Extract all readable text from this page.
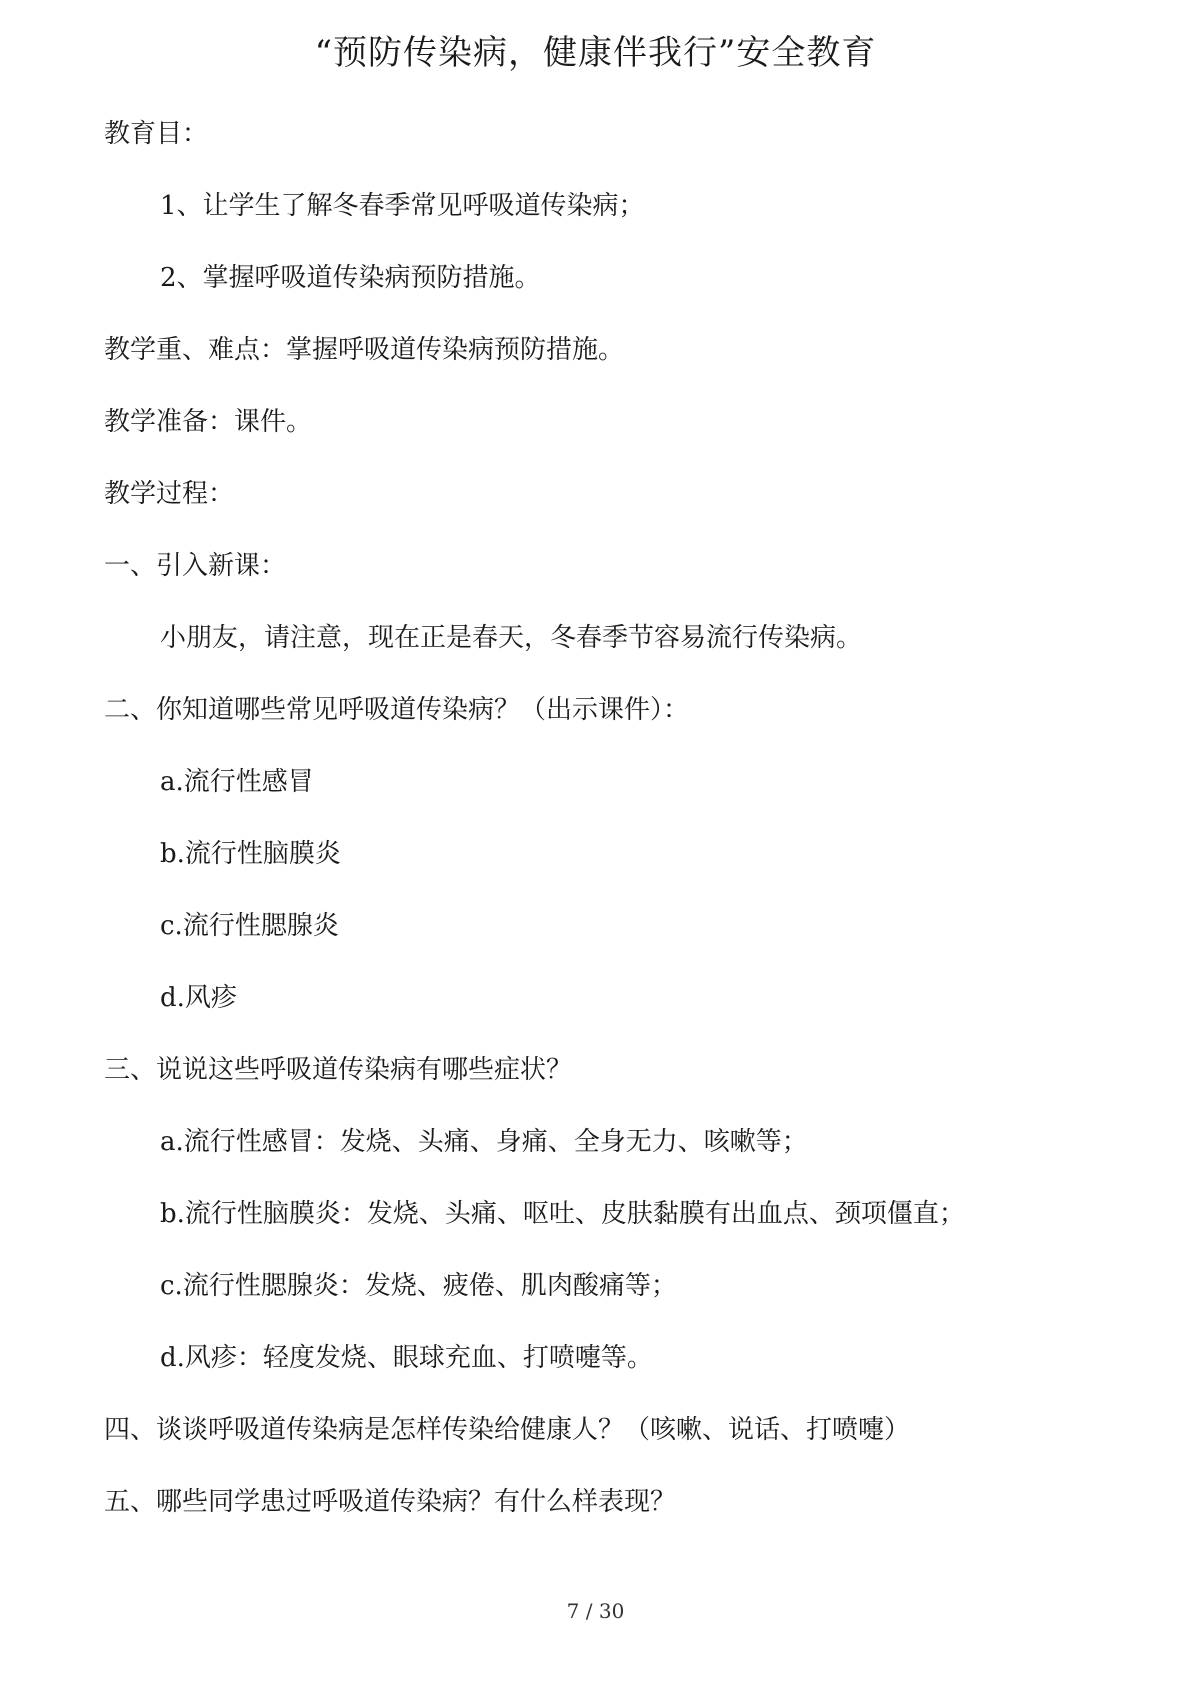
“预防传染病，健康伴我行”安全教育
教育目：
1、让学生了解冬春季常见呼吸道传染病；
2、掌握呼吸道传染病预防措施。
教学重、难点：掌握呼吸道传染病预防措施。
教学准备：课件。
教学过程：
一、引入新课：
小朋友，请注意，现在正是春天，冬春季节容易流行传染病。
二、你知道哪些常见呼吸道传染病？（出示课件）：
a.流行性感冒
b.流行性脑膜炎
c.流行性腮腺炎
d.风疹
三、说说这些呼吸道传染病有哪些症状？
a.流行性感冒：发烧、头痛、身痛、全身无力、咳嗽等；
b.流行性脑膜炎：发烧、头痛、呕吐、皮肤黏膜有出血点、颈项僵直；
c.流行性腮腺炎：发烧、疲倦、肌肉酸痛等；
d.风疹：轻度发烧、眼球充血、打喷嚏等。
四、谈谈呼吸道传染病是怎样传染给健康人？（咳嗽、说话、打喷嚏）
五、哪些同学患过呼吸道传染病？有什么样表现？
7 / 30
